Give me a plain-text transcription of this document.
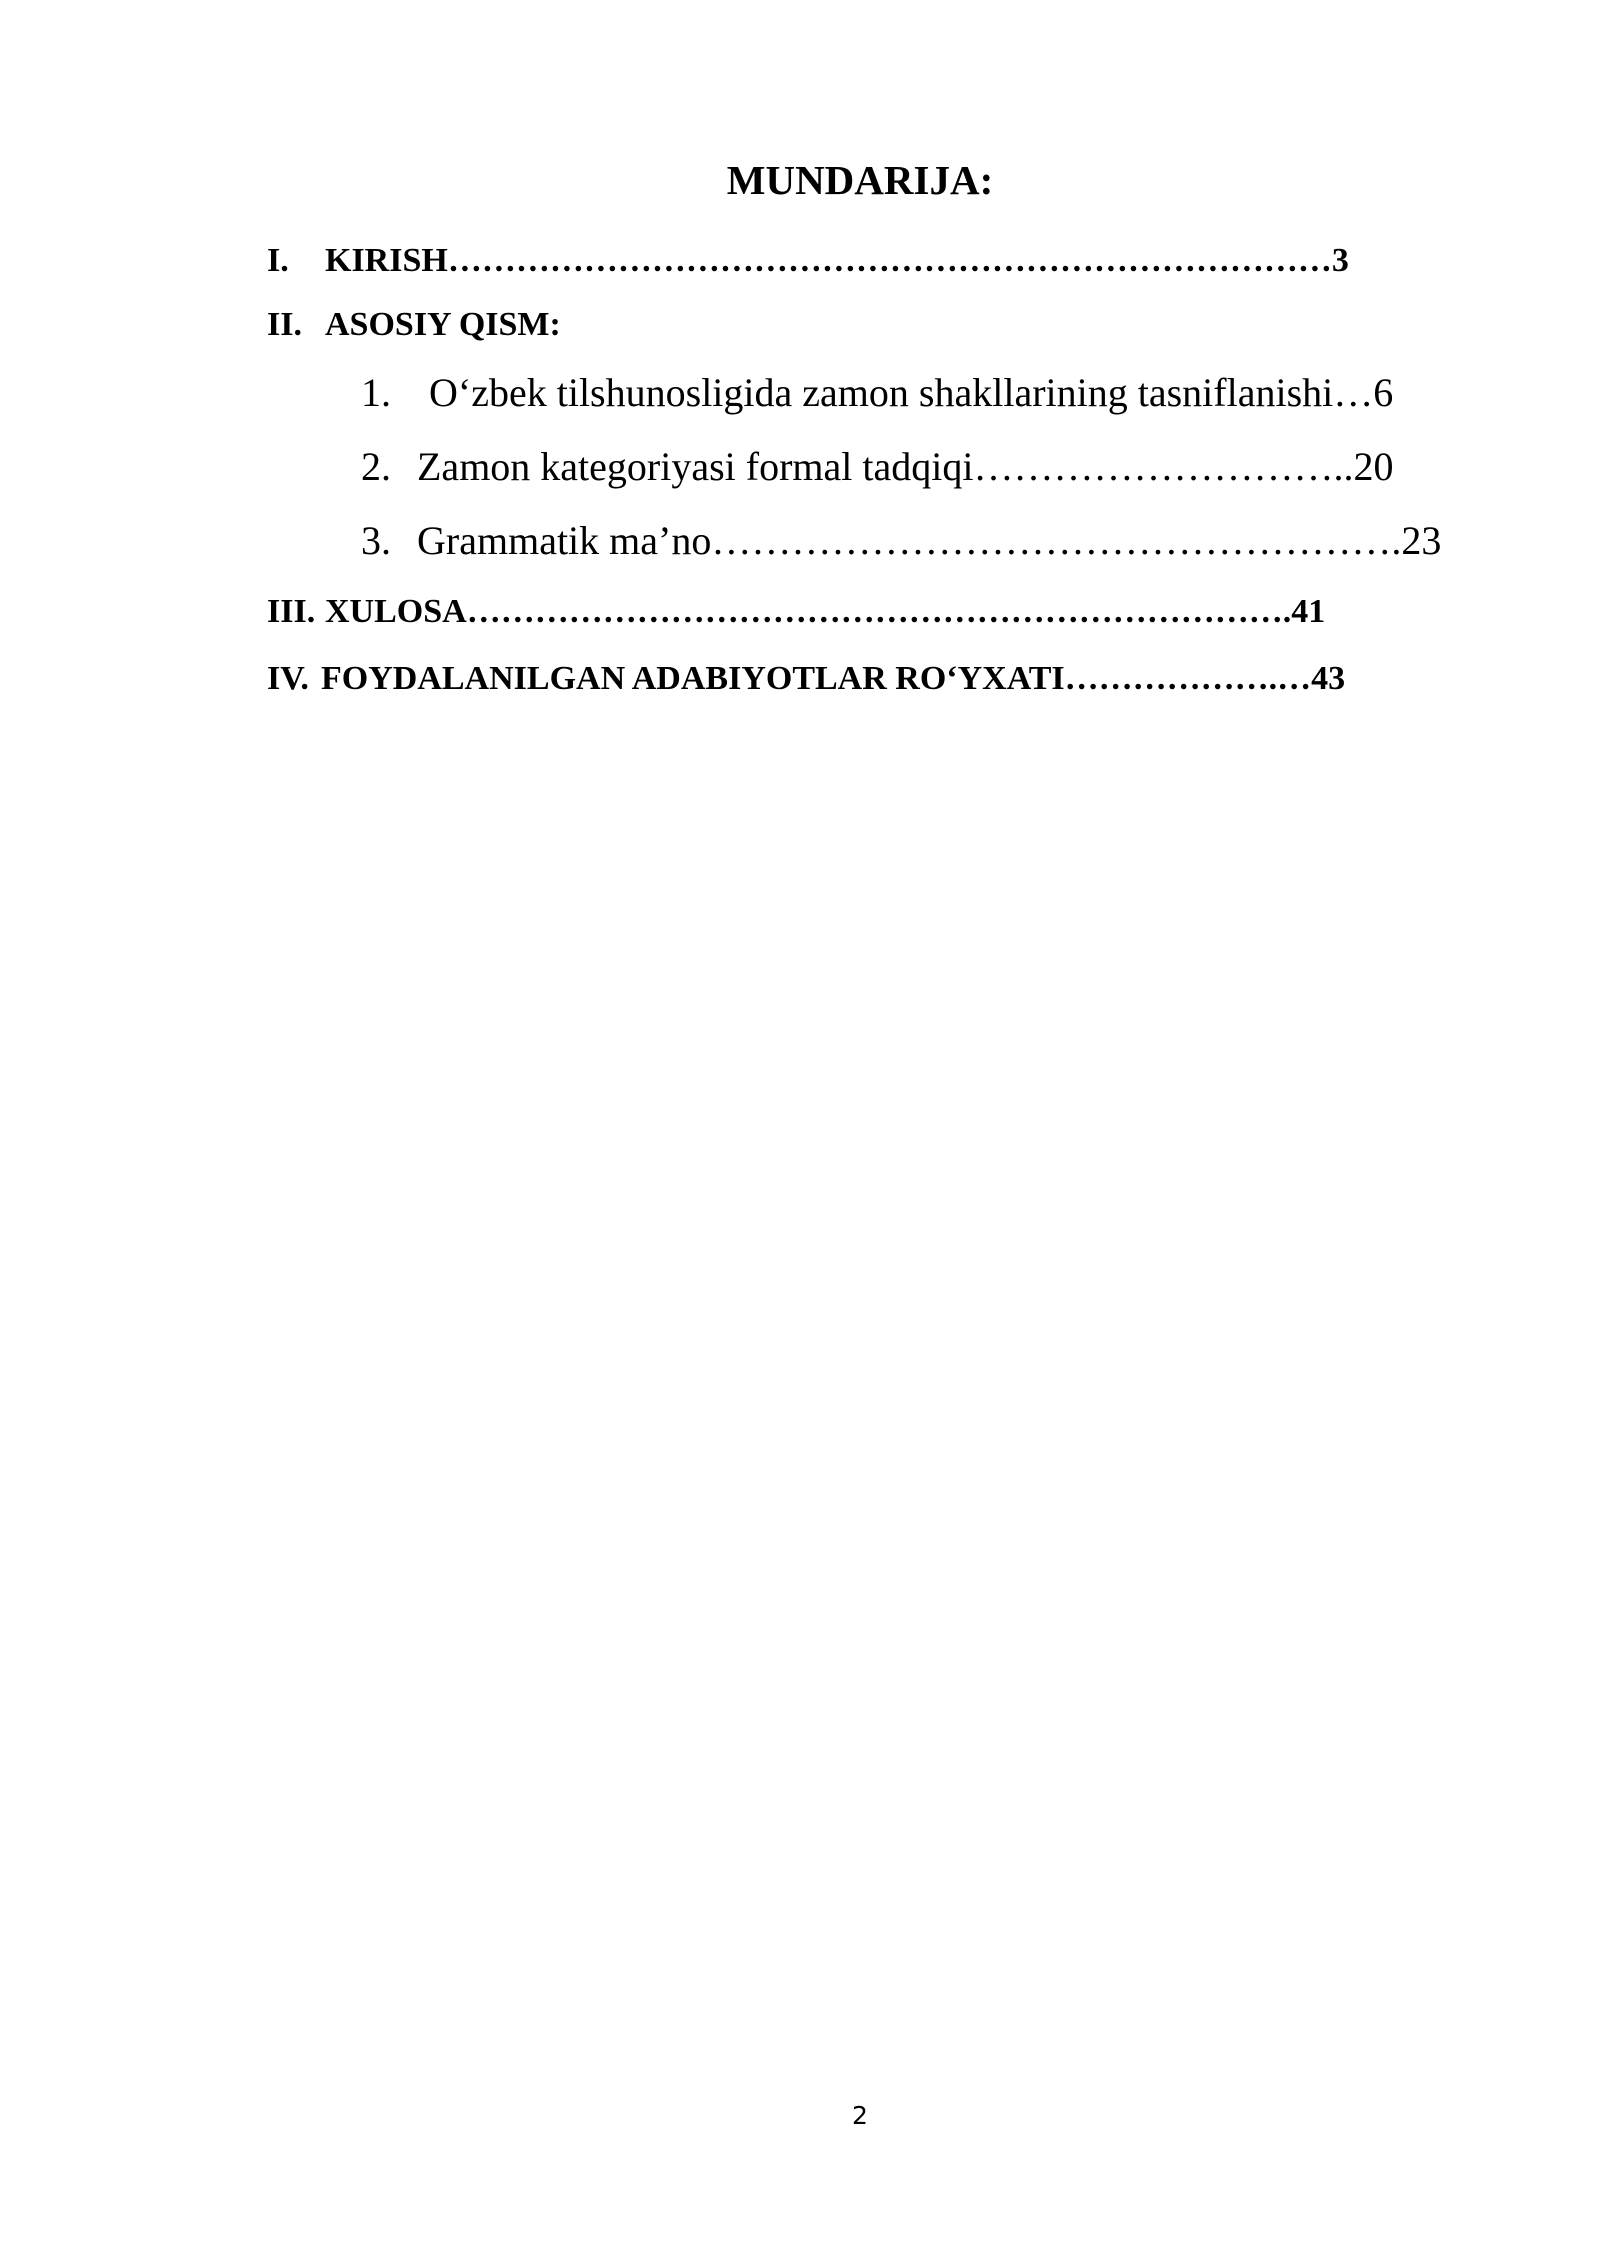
MUNDARIJA:
I. KIRISH……………………………………………………………………3
II. ASOSIY QISM:
1. O‘zbek tilshunosligida zamon shakllarining tasniflanishi…6
2. Zamon kategoriyasi formal tadqiqi………………………..20
3. Grammatik ma’no…………………………………………….23
III. XULOSA……………………………………………………………….41
IV. FOYDALANILGAN ADABIYOTLAR RO‘YXATI……………….…43
2
